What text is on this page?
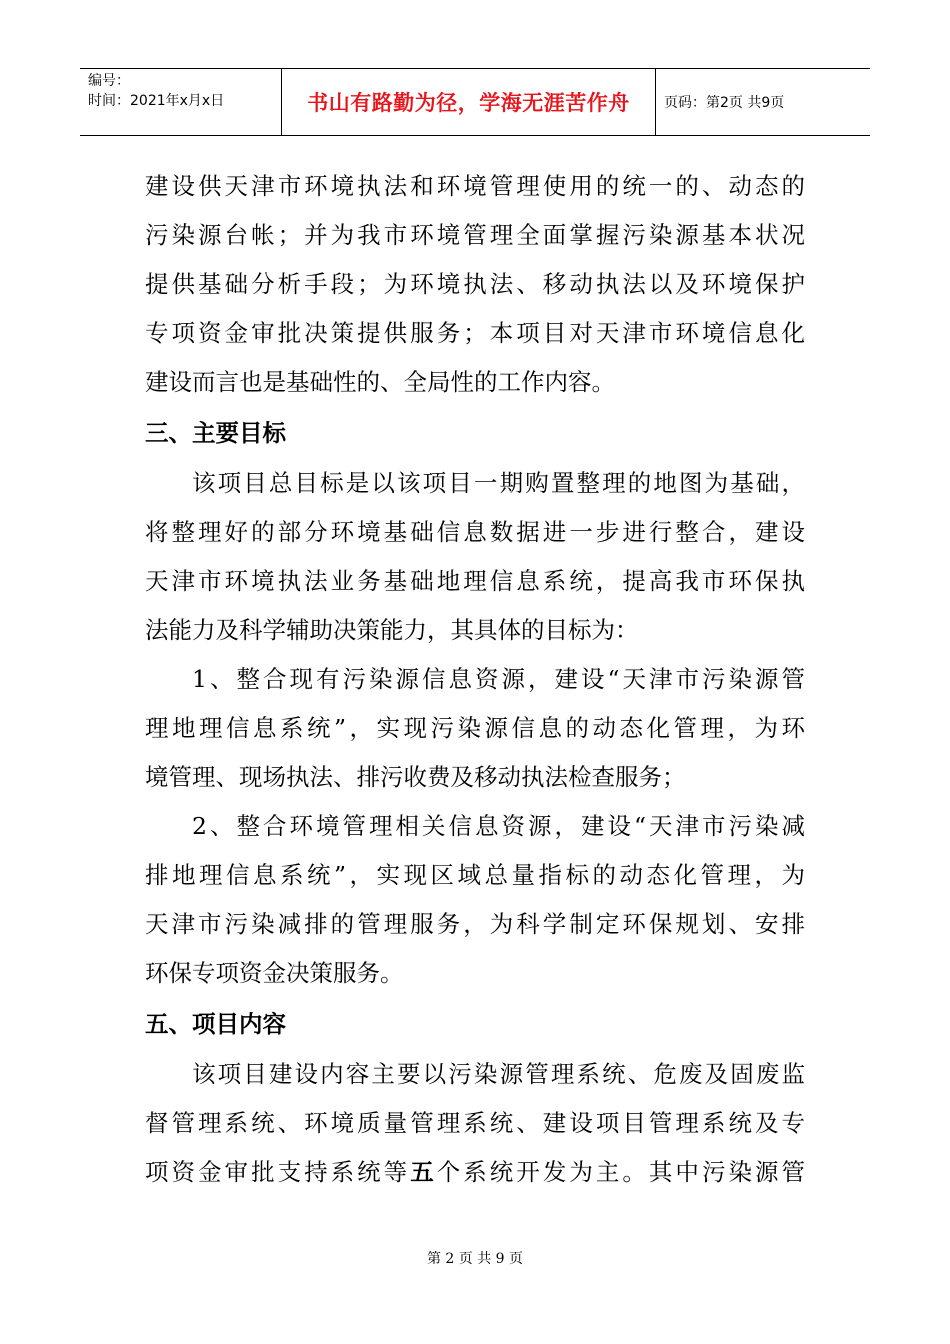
编号：
时间：2021年x月x日	书山有路勤为径，学海无涯苦作舟	页码：第2页 共9页
建设供天津市环境执法和环境管理使用的统一的、动态的
污染源台帐；并为我市环境管理全面掌握污染源基本状况
提供基础分析手段；为环境执法、移动执法以及环境保护
专项资金审批决策提供服务；本项目对天津市环境信息化
建设而言也是基础性的、全局性的工作内容。
三、主要目标
该项目总目标是以该项目一期购置整理的地图为基础，
将整理好的部分环境基础信息数据进一步进行整合，建设
天津市环境执法业务基础地理信息系统，提高我市环保执
法能力及科学辅助决策能力，其具体的目标为：
1、整合现有污染源信息资源，建设“天津市污染源管
理地理信息系统”，实现污染源信息的动态化管理，为环
境管理、现场执法、排污收费及移动执法检查服务；
2、整合环境管理相关信息资源，建设“天津市污染减
排地理信息系统”，实现区域总量指标的动态化管理，为
天津市污染减排的管理服务，为科学制定环保规划、安排
环保专项资金决策服务。
五、项目内容
该项目建设内容主要以污染源管理系统、危废及固废监
督管理系统、环境质量管理系统、建设项目管理系统及专
项资金审批支持系统等五个系统开发为主。其中污染源管
第 2 页 共 9 页
